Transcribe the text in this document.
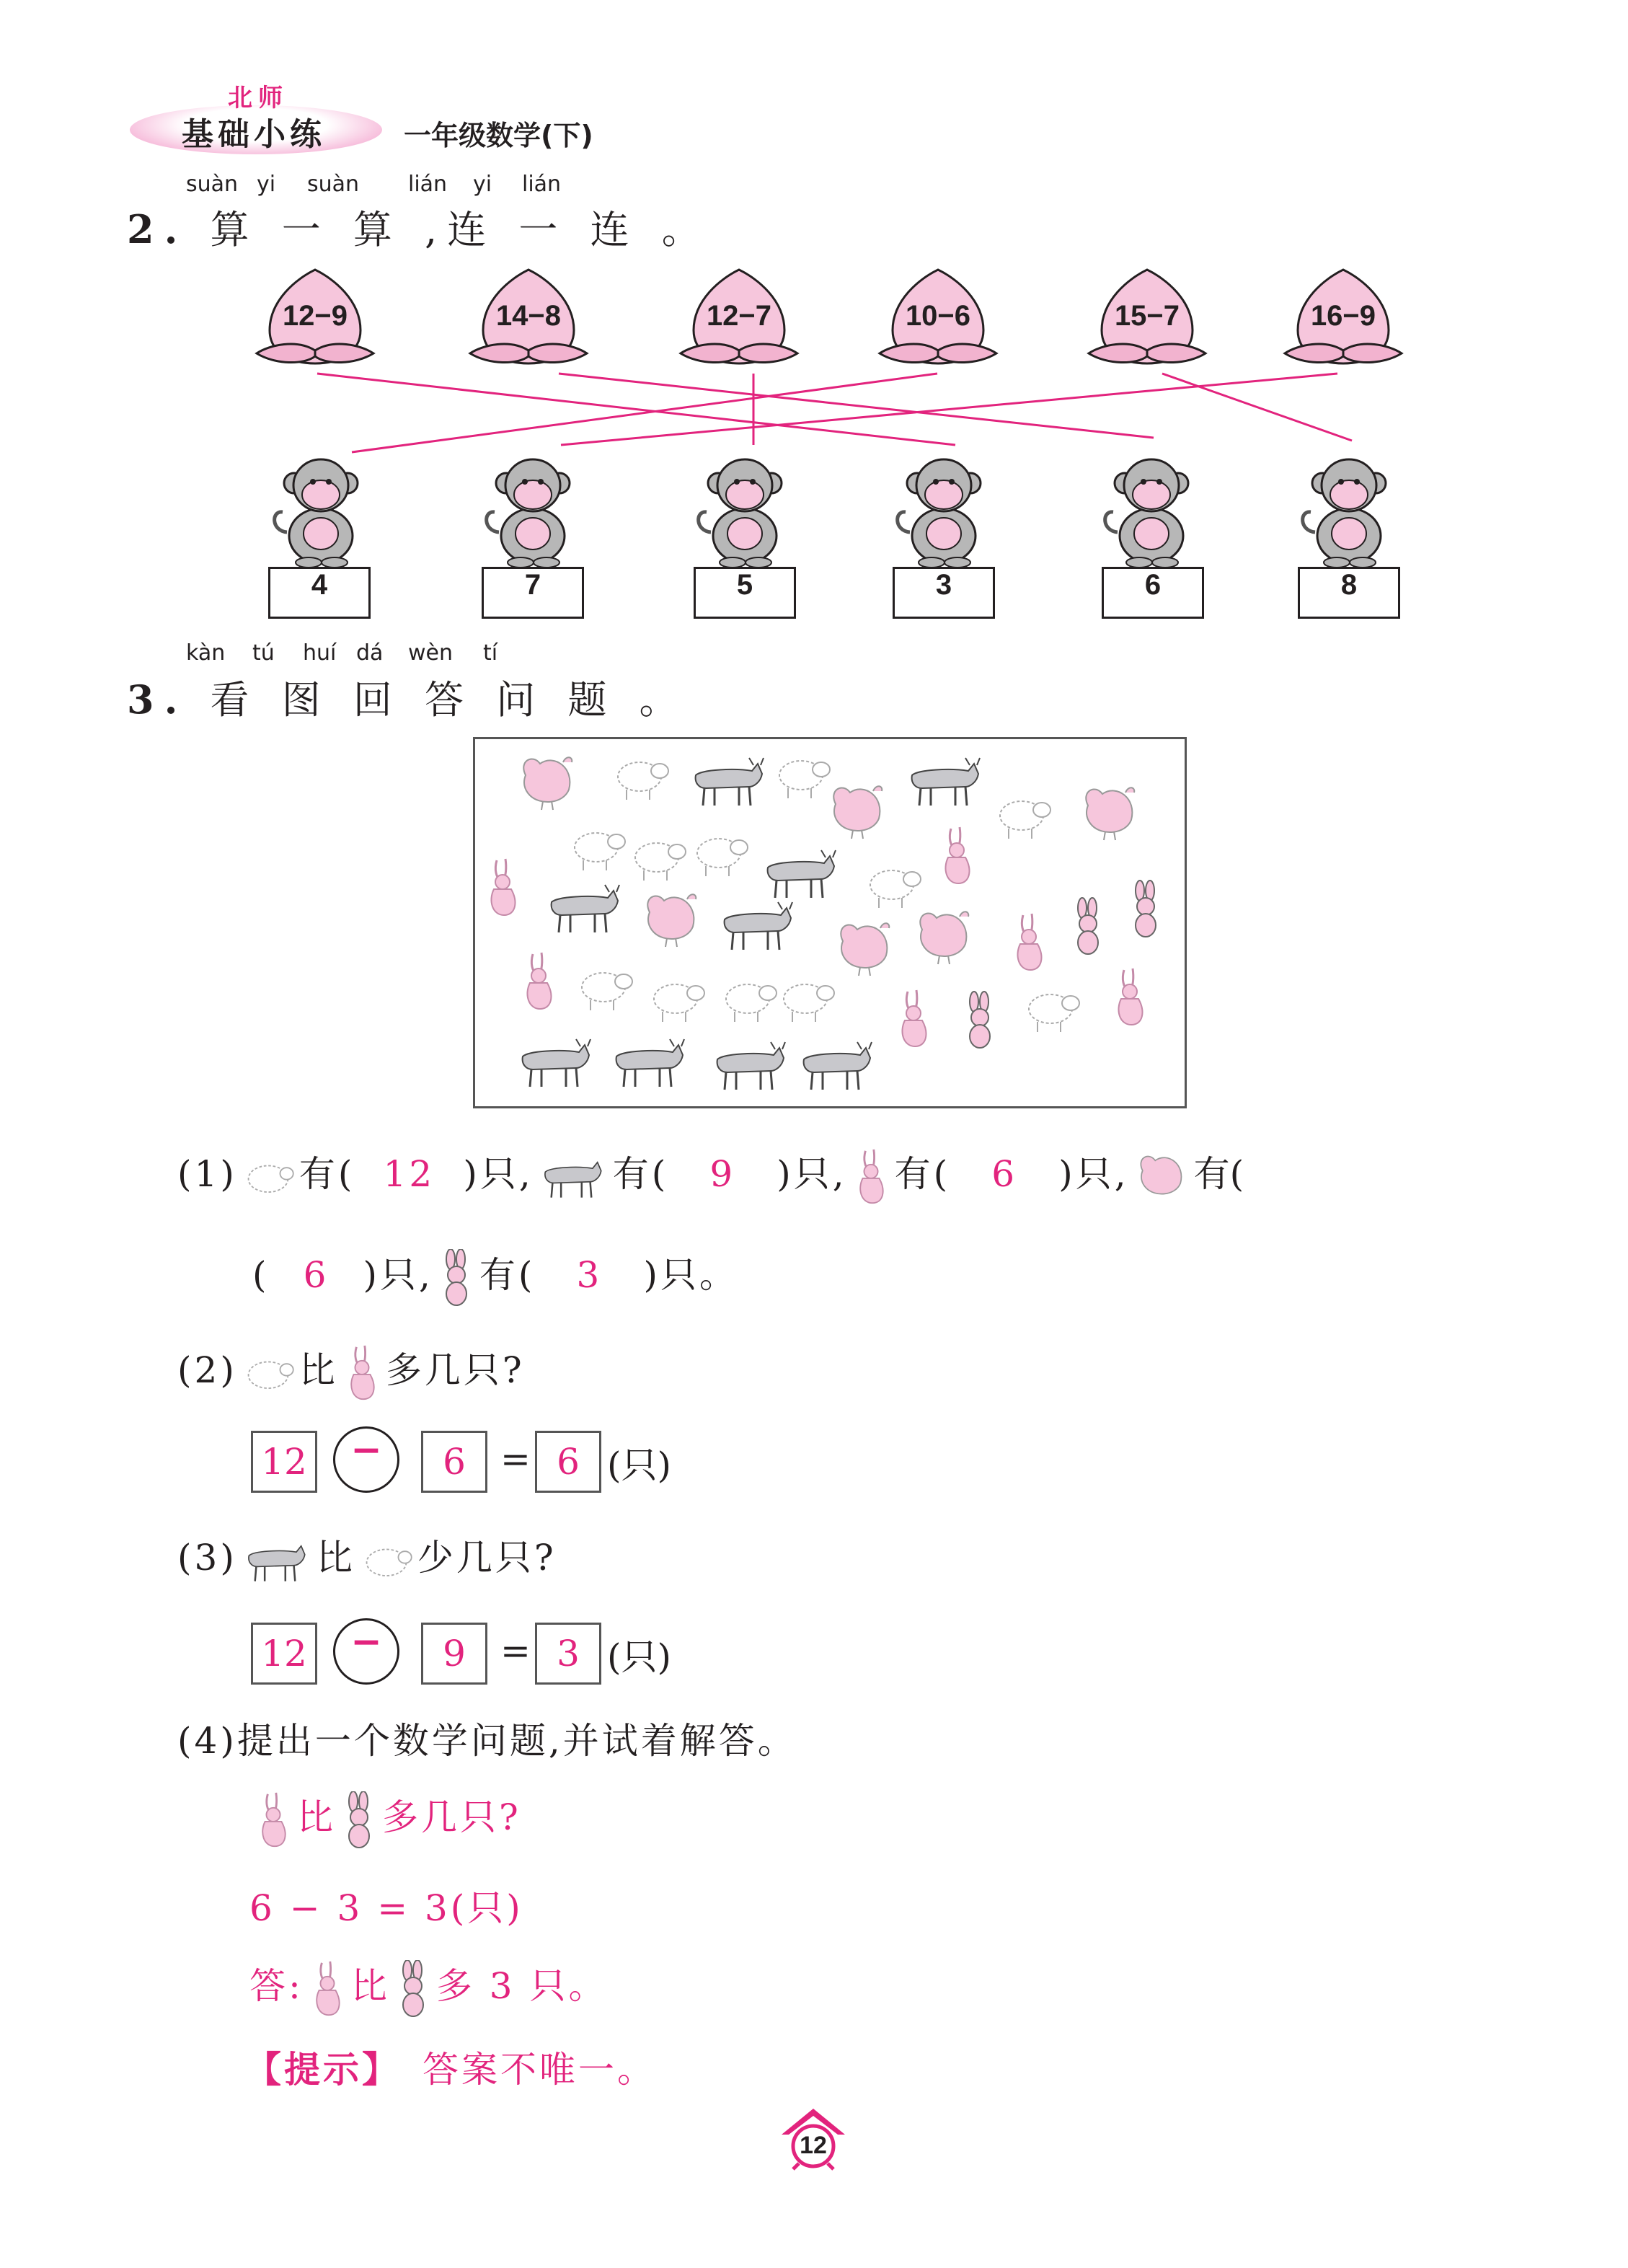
北师
基础小练	一年级数学(下)
suàn yi suàn lián yi lián
2. 算 一 算 ,连 一 连 。
12−9	14−8	12−7	10−6	15−7	16−9
4	7	5	3	6	8
kàn tú huí dá wèn tí
3. 看 图 回 答 问 题 。
(1) 有( 12 )只, 有( 9 )只, 有( 6 )只, 有(
( 6 )只, 有( 3 )只。
(2) 比 多几只?
12	−	6 = 6 (只)
(3) 比 少几只?
12	−	9 = 3 (只)
(4)提出一个数学问题,并试着解答。
比 多几只?
6 − 3 = 3(只)
答: 比 多 3 只。
【提示】 答案不唯一。
12
